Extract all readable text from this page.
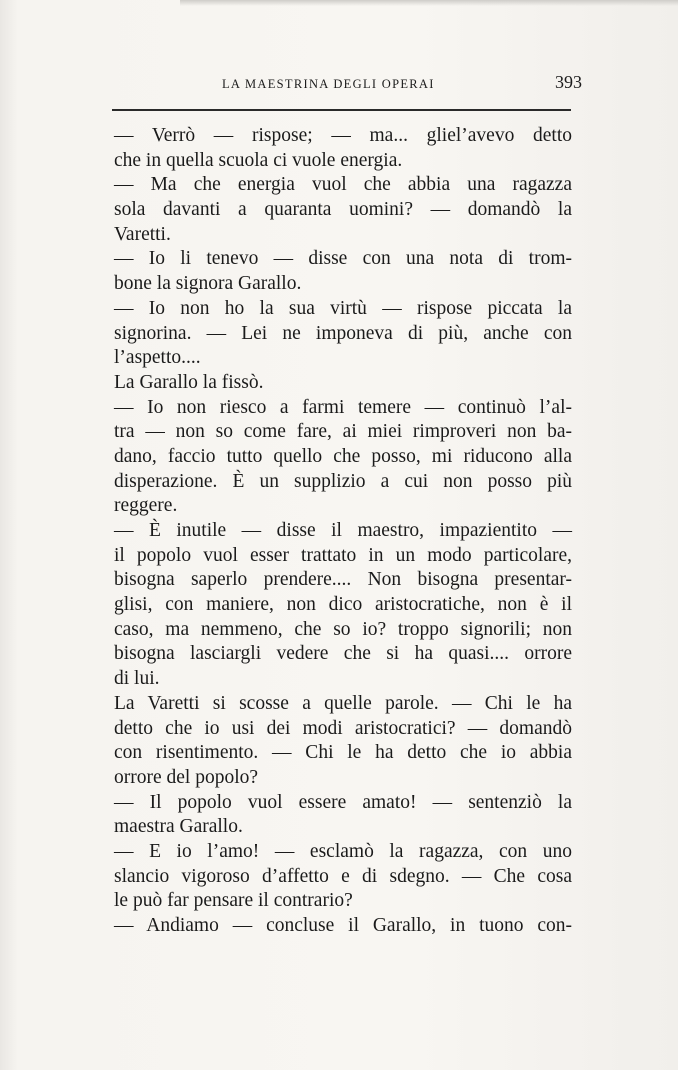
LA MAESTRINA DEGLI OPERAI	393
— Verrò — rispose; — ma... gliel’avevo detto
che in quella scuola ci vuole energia.
— Ma che energia vuol che abbia una ragazza
sola davanti a quaranta uomini? — domandò la
Varetti.
— Io li tenevo — disse con una nota di trom-
bone la signora Garallo.
— Io non ho la sua virtù — rispose piccata la
signorina. — Lei ne imponeva di più, anche con
l’aspetto....
La Garallo la fissò.
— Io non riesco a farmi temere — continuò l’al-
tra — non so come fare, ai miei rimproveri non ba-
dano, faccio tutto quello che posso, mi riducono alla
disperazione. È un supplizio a cui non posso più
reggere.
— È inutile — disse il maestro, impazientito —
il popolo vuol esser trattato in un modo particolare,
bisogna saperlo prendere.... Non bisogna presentar-
glisi, con maniere, non dico aristocratiche, non è il
caso, ma nemmeno, che so io? troppo signorili; non
bisogna lasciargli vedere che si ha quasi.... orrore
di lui.
La Varetti si scosse a quelle parole. — Chi le ha
detto che io usi dei modi aristocratici? — domandò
con risentimento. — Chi le ha detto che io abbia
orrore del popolo?
— Il popolo vuol essere amato! — sentenziò la
maestra Garallo.
— E io l’amo! — esclamò la ragazza, con uno
slancio vigoroso d’affetto e di sdegno. — Che cosa
le può far pensare il contrario?
— Andiamo — concluse il Garallo, in tuono con-
